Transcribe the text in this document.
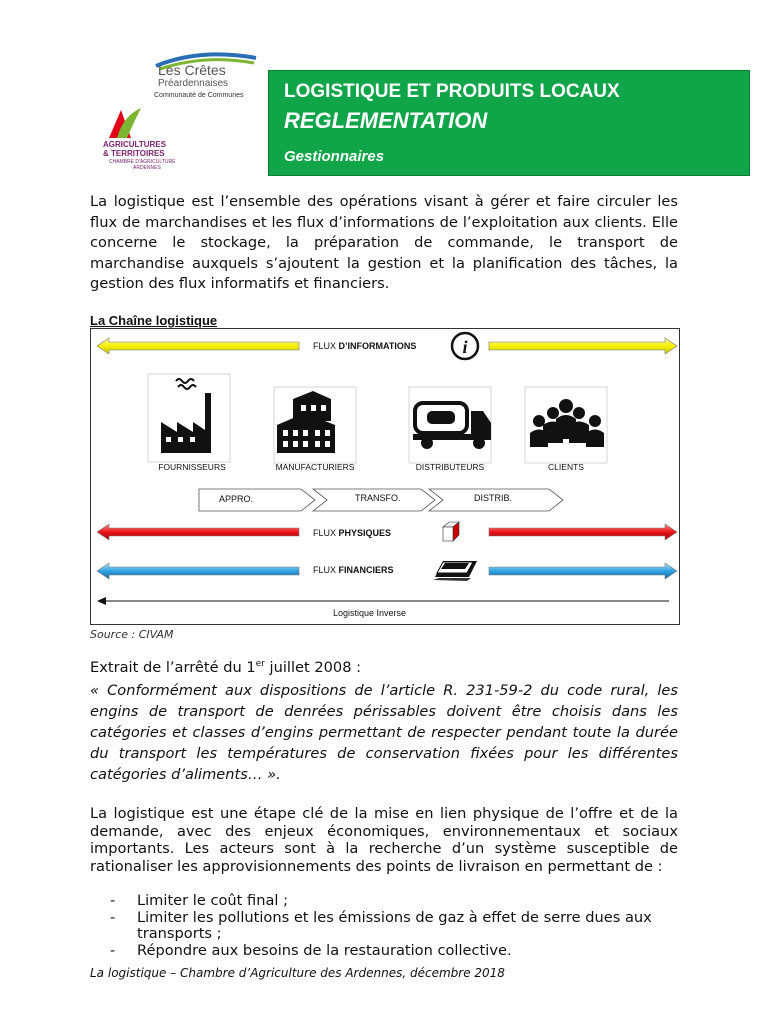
Les Crêtes
Préardennaises
Communauté de Communes
AGRICULTURES
& TERRITOIRES
CHAMBRE D'AGRICULTURE
ARDENNES
LOGISTIQUE ET PRODUITS LOCAUX
REGLEMENTATION
Gestionnaires
La logistique est l’ensemble des opérations visant à gérer et faire circuler les flux de marchandises et les flux d’informations de l’exploitation aux clients. Elle concerne le stockage, la préparation de commande, le transport de marchandise auxquels s’ajoutent la gestion et la planification des tâches, la gestion des flux informatifs et financiers.
La Chaîne logistique
i
FLUX D’INFORMATIONS
FOURNISSEURS	MANUFACTURIERS	DISTRIBUTEURS	CLIENTS
APPRO.	TRANSFO.	DISTRIB.
FLUX PHYSIQUES
FLUX FINANCIERS
Logistique Inverse
Source : CIVAM
Extrait de l’arrêté du 1er juillet 2008 :
« Conformément aux dispositions de l’article R. 231-59-2 du code rural, les engins de transport de denrées périssables doivent être choisis dans les catégories et classes d’engins permettant de respecter pendant toute la durée du transport les températures de conservation fixées pour les différentes catégories d’aliments… ».
La logistique est une étape clé de la mise en lien physique de l’offre et de la demande, avec des enjeux économiques, environnementaux et sociaux importants. Les acteurs sont à la recherche d’un système susceptible de rationaliser les approvisionnements des points de livraison en permettant de :
- Limiter le coût final ;
- Limiter les pollutions et les émissions de gaz à effet de serre dues aux transports ;
- Répondre aux besoins de la restauration collective.
La logistique – Chambre d’Agriculture des Ardennes, décembre 2018
